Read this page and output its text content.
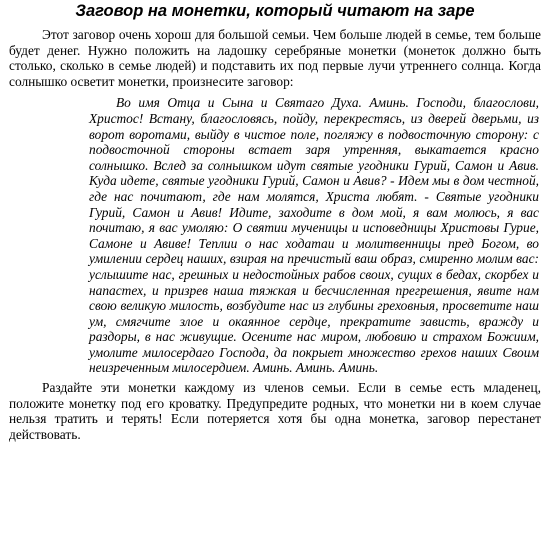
Заговор на монетки, который читают на заре

Этот заговор очень хорош для большой семьи. Чем больше людей в семье, тем больше будет денег. Нужно положить на ладошку серебряные монетки (монеток должно быть столько, сколько в семье людей) и подставить их под первые лучи утреннего солнца. Когда солнышко осветит монетки, произнесите заговор:

Во имя Отца и Сына и Святаго Духа. Аминь. Господи, благослови, Христос! Встану, благословясь, пойду, перекрестясь, из дверей дверьми, из ворот воротами, выйду в чистое поле, погляжу в подвосточную сторону: с подвосточной стороны встает заря утренняя, выкатается красно солнышко. Вслед за солнышком идут святые угодники Гурий, Самон и Авив. Куда идете, святые угодники Гурий, Самон и Авив? - Идем мы в дом честной, где нас почитают, где нам молятся, Христа любят. - Святые угодники Гурий, Самон и Авив! Идите, заходите в дом мой, я вам молюсь, я вас почитаю, я вас умоляю: О святии мученицы и исповедницы Христовы Гурие, Самоне и Авиве! Теплии о нас ходатаи и молитвенницы пред Богом, во умилении сердец наших, взирая на пречистый ваш образ, смиренно молим вас: услышите нас, грешных и недостойных рабов своих, сущих в бедах, скорбех и напастех, и призрев наша тяжкая и бесчисленная прегрешения, явите нам свою великую милость, возбудите нас из глубины греховныя, просветите наш ум, смягчите злое и окаянное сердце, прекратите зависть, вражду и раздоры, в нас живущие. Осените нас миром, любовию и страхом Божиим, умолите милосердаго Господа, да покрыет множество грехов наших Своим неизреченным милосердием. Аминь. Аминь. Аминь.

Раздайте эти монетки каждому из членов семьи. Если в семье есть младенец, положите монетку под его кроватку. Предупредите родных, что монетки ни в коем случае нельзя тратить и терять! Если потеряется хотя бы одна монетка, заговор перестанет действовать.
